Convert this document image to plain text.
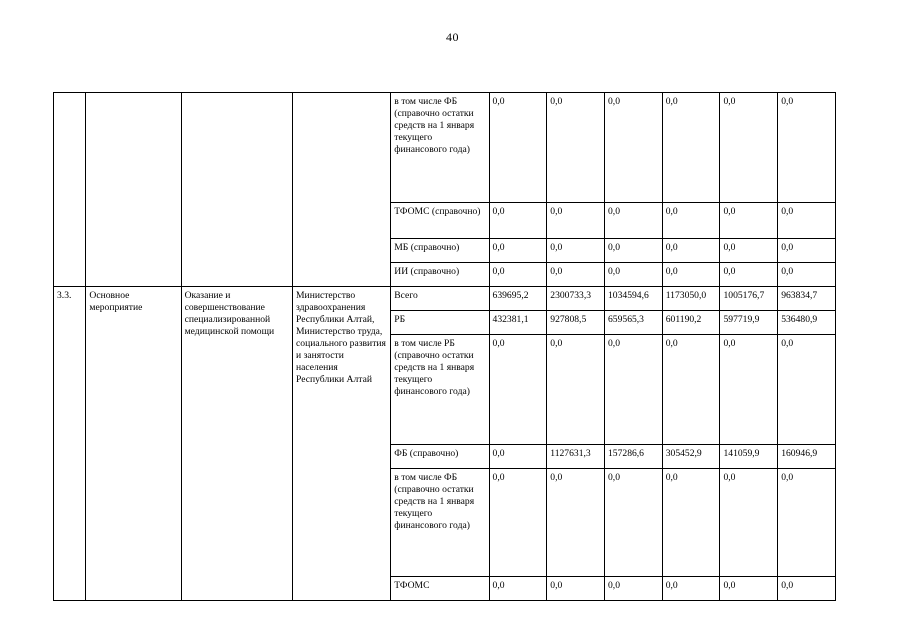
40
				в том числе ФБ (справочно остатки средств на 1 января текущего финансового года)	0,0	0,0	0,0	0,0	0,0	0,0
				ТФОМС (справочно)	0,0	0,0	0,0	0,0	0,0	0,0
				МБ (справочно)	0,0	0,0	0,0	0,0	0,0	0,0
				ИИ (справочно)	0,0	0,0	0,0	0,0	0,0	0,0
3.3.	Основное мероприятие	Оказание и совершенствование специализированной медицинской помощи	Министерство здравоохранения Республики Алтай, Министерство труда, социального развития и занятости населения Республики Алтай	Всего	639695,2	2300733,3	1034594,6	1173050,0	1005176,7	963834,7
				РБ	432381,1	927808,5	659565,3	601190,2	597719,9	536480,9
				в том числе РБ (справочно остатки средств на 1 января текущего финансового года)	0,0	0,0	0,0	0,0	0,0	0,0
				ФБ (справочно)	0,0	1127631,3	157286,6	305452,9	141059,9	160946,9
				в том числе ФБ (справочно остатки средств на 1 января текущего финансового года)	0,0	0,0	0,0	0,0	0,0	0,0
				ТФОМС	0,0	0,0	0,0	0,0	0,0	0,0
